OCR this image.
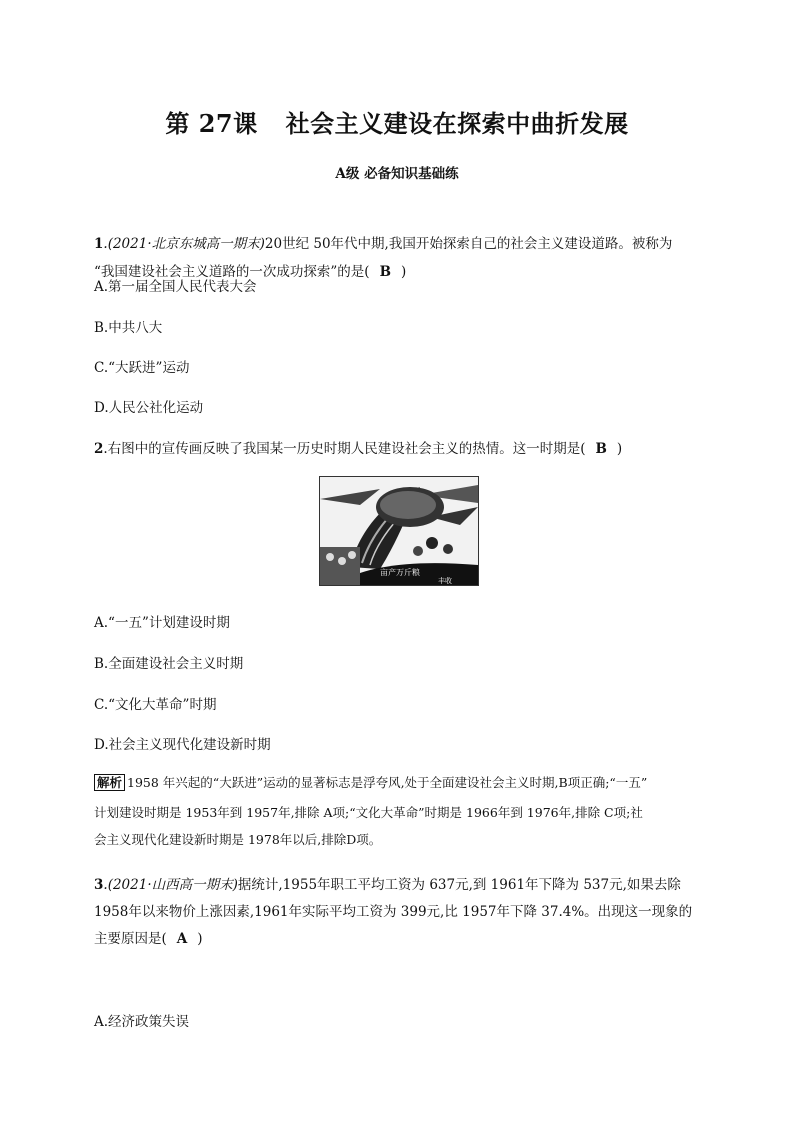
第 27课 社会主义建设在探索中曲折发展
A级 必备知识基础练
1.(2021·北京东城高一期末)20世纪 50年代中期,我国开始探索自己的社会主义建设道路。被称为
“我国建设社会主义道路的一次成功探索”的是( B )
A.第一届全国人民代表大会
B.中共八大
C.“大跃进”运动
D.人民公社化运动
2.右图中的宣传画反映了我国某一历史时期人民建设社会主义的热情。这一时期是( B )
亩产万斤粮
丰收
A.“一五”计划建设时期
B.全面建设社会主义时期
C.“文化大革命”时期
D.社会主义现代化建设新时期
解析 1958 年兴起的“大跃进”运动的显著标志是浮夸风,处于全面建设社会主义时期,B项正确;“一五”
计划建设时期是 1953年到 1957年,排除 A项;“文化大革命”时期是 1966年到 1976年,排除 C项;社
会主义现代化建设新时期是 1978年以后,排除D项。
3.(2021·山西高一期末)据统计,1955年职工平均工资为 637元,到 1961年下降为 537元,如果去除
1958年以来物价上涨因素,1961年实际平均工资为 399元,比 1957年下降 37.4%。出现这一现象的
主要原因是( A )
A.经济政策失误
